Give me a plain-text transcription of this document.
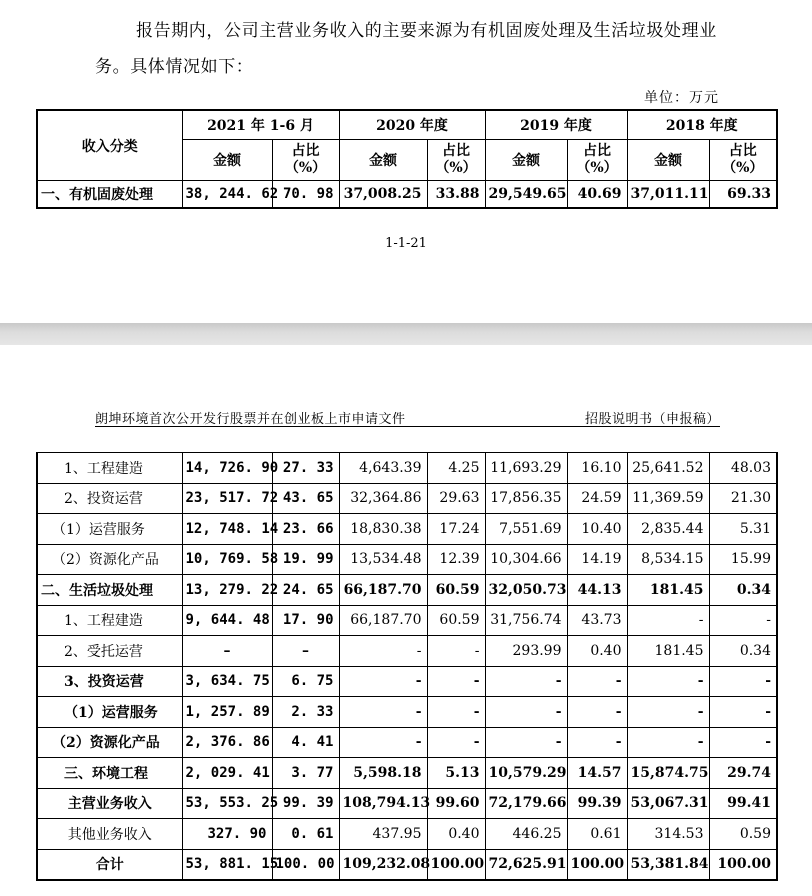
报告期内，公司主营业务收入的主要来源为有机固废处理及生活垃圾处理业
务。具体情况如下：
单位：万元
收入分类	2021 年 1-6 月		2020 年度		2019 年度		2018 年度	
	金额	占比（%）	金额	占比（%）	金额	占比（%）	金额	占比（%）
一、有机固废处理	38, 244. 62	70. 98	37,008.25	33.88	29,549.65	40.69	37,011.11	69.33
1-1-21
朗坤环境首次公开发行股票并在创业板上市申请文件	招股说明书（申报稿）
1、工程建造	14, 726. 90	27. 33	4,643.39	4.25	11,693.29	16.10	25,641.52	48.03
2、投资运营	23, 517. 72	43. 65	32,364.86	29.63	17,856.35	24.59	11,369.59	21.30
（1）运营服务	12, 748. 14	23. 66	18,830.38	17.24	7,551.69	10.40	2,835.44	5.31
（2）资源化产品	10, 769. 58	19. 99	13,534.48	12.39	10,304.66	14.19	8,534.15	15.99
二、生活垃圾处理	13, 279. 22	24. 65	66,187.70	60.59	32,050.73	44.13	181.45	0.34
1、工程建造	9, 644. 48	17. 90	66,187.70	60.59	31,756.74	43.73	-	-
2、受托运营	–	–	-	-	293.99	0.40	181.45	0.34
3、投资运营	3, 634. 75	6. 75	-	-	-	-	-	-
（1）运营服务	1, 257. 89	2. 33	-	-	-	-	-	-
（2）资源化产品	2, 376. 86	4. 41	-	-	-	-	-	-
三、环境工程	2, 029. 41	3. 77	5,598.18	5.13	10,579.29	14.57	15,874.75	29.74
主营业务收入	53, 553. 25	99. 39	108,794.13	99.60	72,179.66	99.39	53,067.31	99.41
其他业务收入	327. 90	0. 61	437.95	0.40	446.25	0.61	314.53	0.59
合计	53, 881. 15	100. 00	109,232.08	100.00	72,625.91	100.00	53,381.84	100.00
